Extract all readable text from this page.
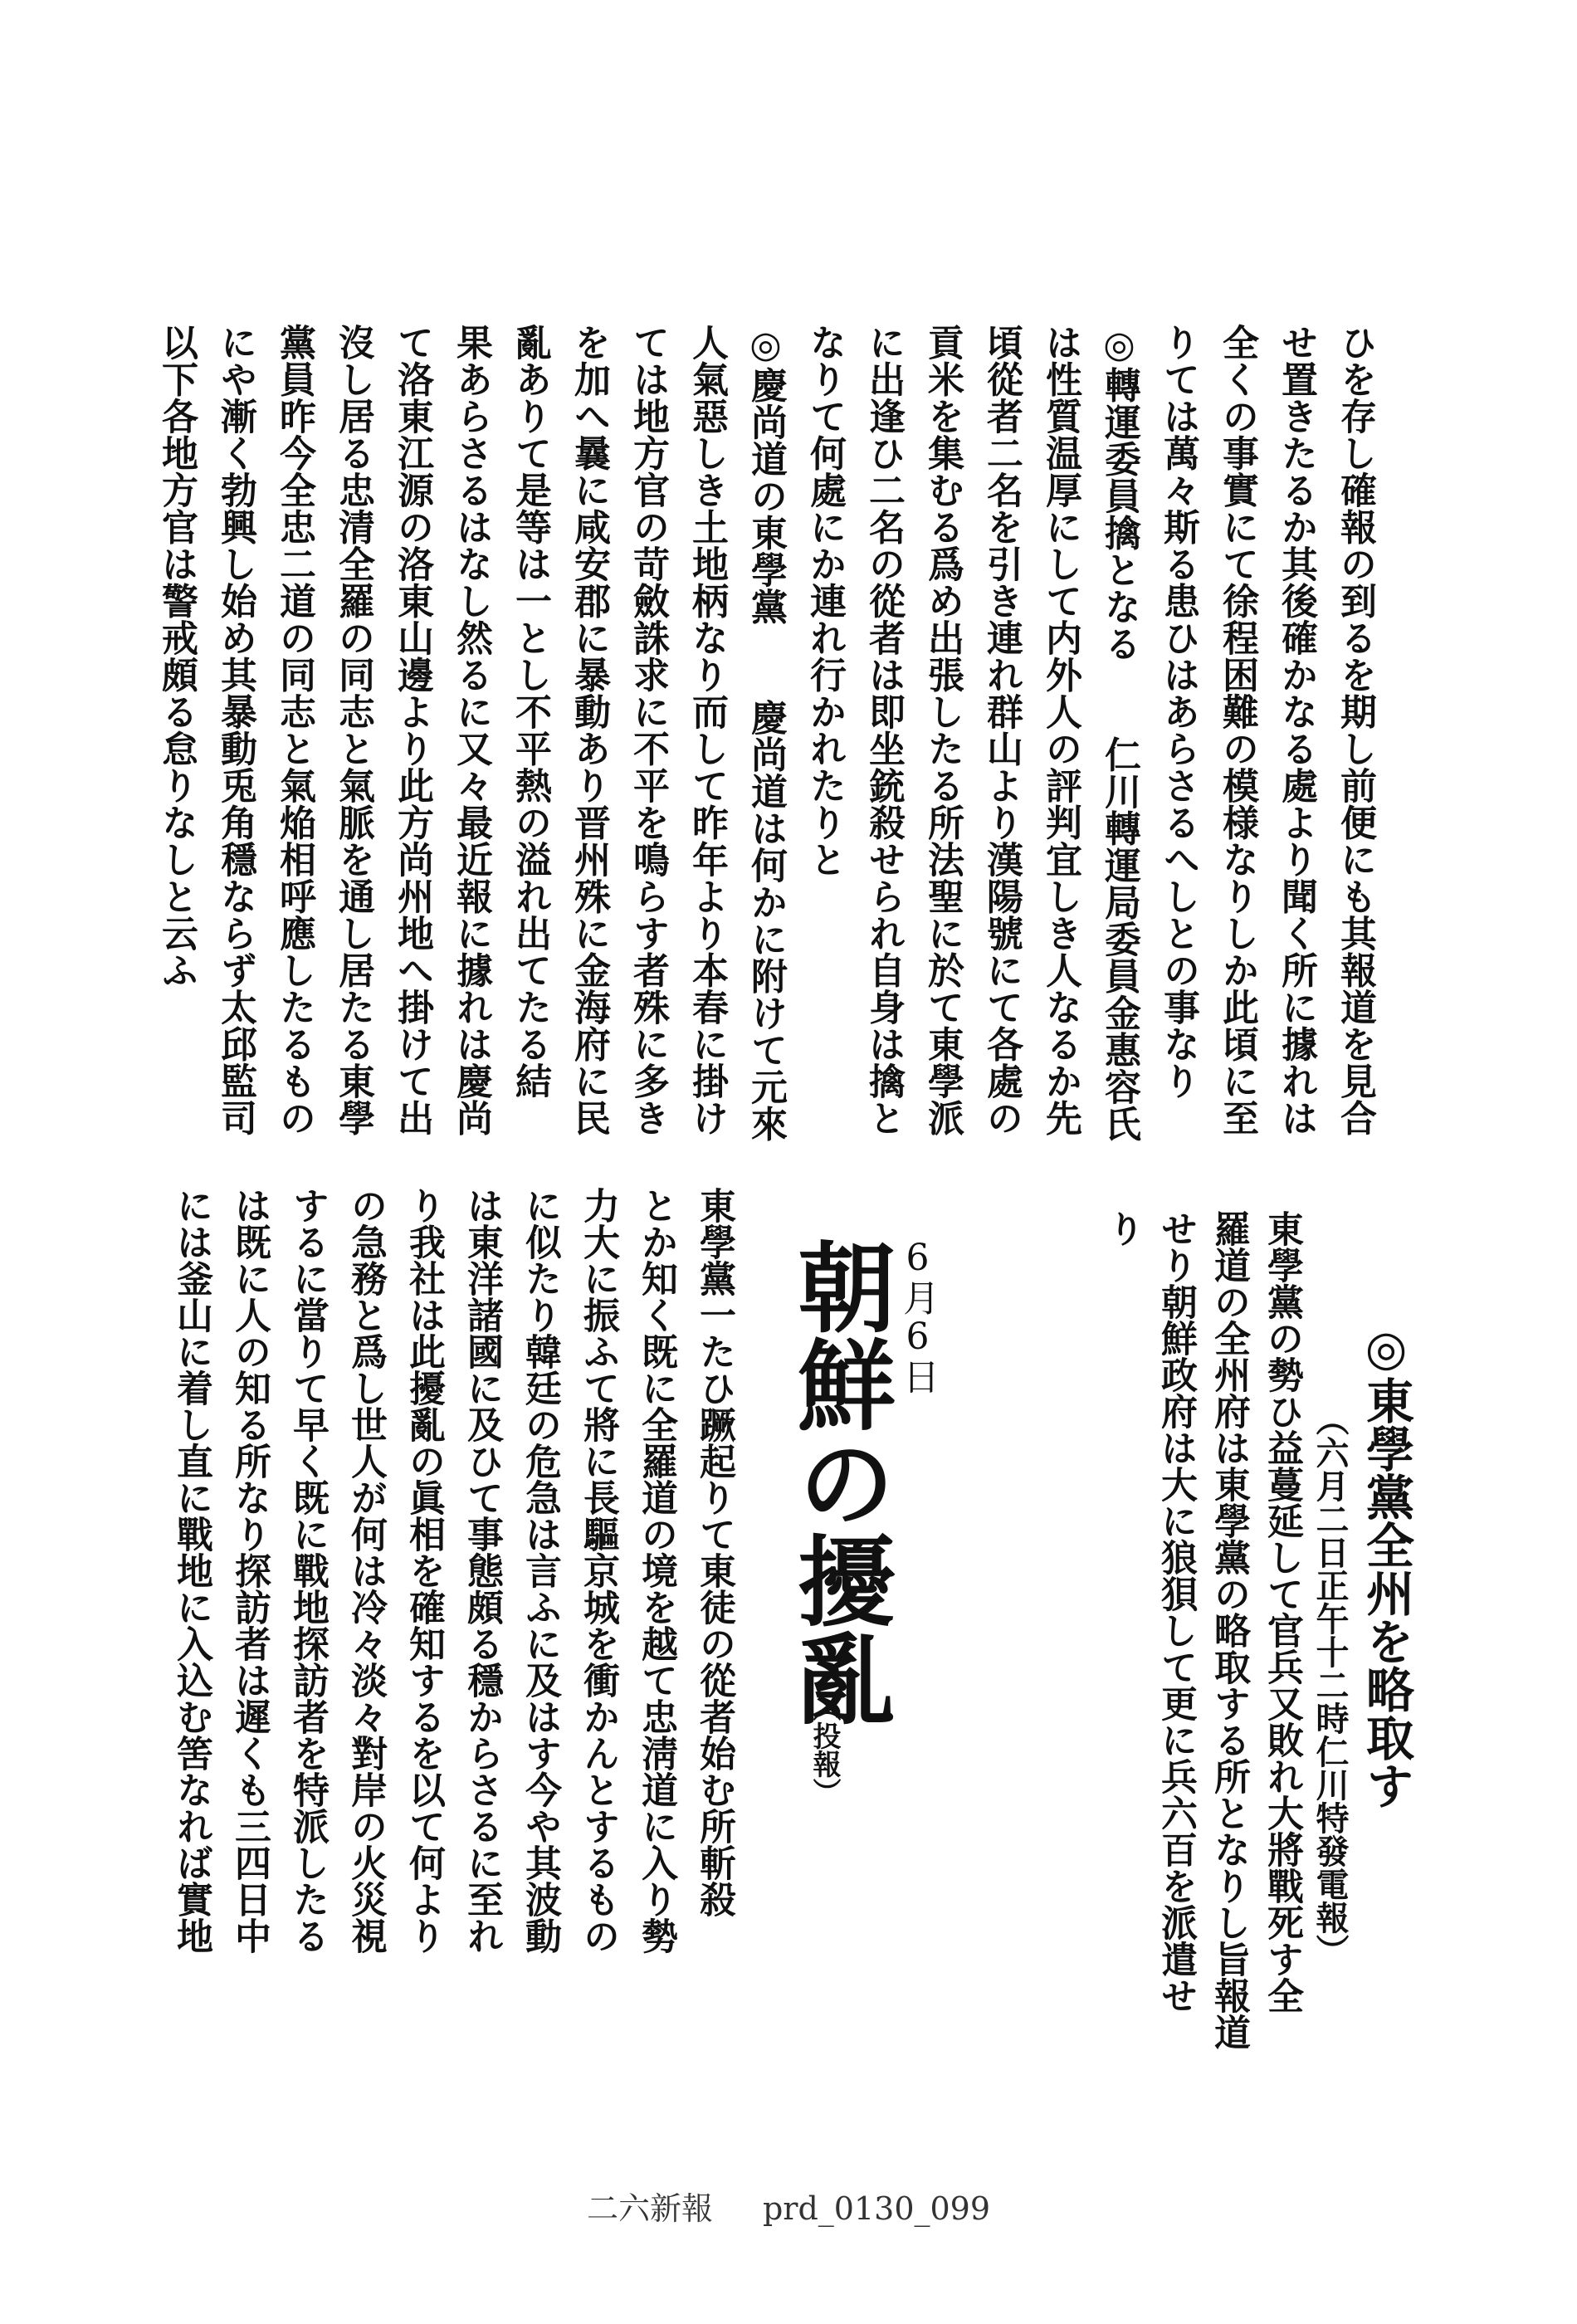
ひを存し確報の到るを期し前便にも其報道を見合
せ置きたるか其後確かなる處より聞く所に據れは
全くの事實にて徐程困難の模様なりしか此頃に至
りては萬々斯る患ひはあらさるへしとの事なり
◎轉運委員擒となる　　仁川轉運局委員金惠容氏
は性質温厚にして内外人の評判宜しき人なるか先
頃從者二名を引き連れ群山より漢陽號にて各處の
貢米を集むる爲め出張したる所法聖に於て東學派
に出逢ひ二名の從者は即坐銃殺せられ自身は擒と
なりて何處にか連れ行かれたりと
◎慶尚道の東學黨　　慶尚道は何かに附けて元來
人氣惡しき土地柄なり而して昨年より本春に掛け
ては地方官の苛斂誅求に不平を鳴らす者殊に多き
を加へ曩に咸安郡に暴動あり晋州殊に金海府に民
亂ありて是等は一とし不平熱の溢れ出てたる結
果あらさるはなし然るに又々最近報に據れは慶尚
て洛東江源の洛東山邊より此方尚州地へ掛けて出
沒し居る忠清全羅の同志と氣脈を通し居たる東學
黨員昨今全忠二道の同志と氣焔相呼應したるもの
にや漸く勃興し始め其暴動兎角穩ならず太邱監司
以下各地方官は警戒頗る怠りなしと云ふ

◎東學黨全州を略取す

（六月二日正午十二時仁川特發電報）

東學黨の勢ひ益蔓延して官兵又敗れ大將戰死す全
羅道の全州府は東學黨の略取する所となりし旨報道
せり朝鮮政府は大に狼狽して更に兵六百を派遣せ
り

6月6日

朝鮮の擾亂

（投報）

東學黨一たひ蹶起りて東徒の從者始む所斬殺
とか知く既に全羅道の境を越て忠淸道に入り勢
力大に振ふて將に長驅京城を衝かんとするもの
に似たり韓廷の危急は言ふに及はす今や其波動
は東洋諸國に及ひて事態頗る穩からさるに至れ
り我社は此擾亂の眞相を確知するを以て何より
の急務と爲し世人が何は冷々淡々對岸の火災視
するに當りて早く既に戰地探訪者を特派したる
は既に人の知る所なり探訪者は遲くも三四日中
には釜山に着し直に戰地に入込む筈なれば實地

二六新報 prd_0130_099
